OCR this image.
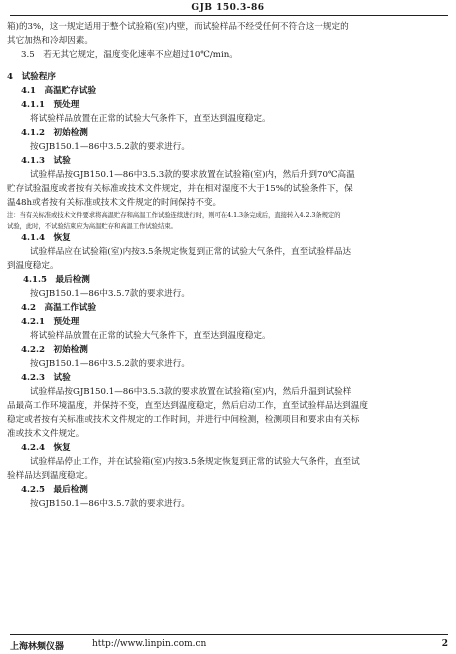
GJB 150.3-86
箱)的3%，这一规定适用于整个试验箱(室)内壁，而试验样品不经受任何不符合这一规定的
其它加热和冷却因素。
3.5　若无其它规定，温度变化速率不应超过10℃/min。
4　试验程序
4.1　高温贮存试验
4.1.1　预处理
将试验样品放置在正常的试验大气条件下，直至达到温度稳定。
4.1.2　初始检测
按GJB150.1—86中3.5.2款的要求进行。
4.1.3　试验
试验样品按GJB150.1—86中3.5.3款的要求放置在试验箱(室)内，然后升到70℃高温
贮存试验温度或者按有关标准或技术文件规定，并在相对湿度不大于15%的试验条件下，保
温48h或者按有关标准或技术文件规定的时间保持不变。
注：当有关标准或技术文件要求将高温贮存和高温工作试验连续进行时，则可在4.1.3条完成后，直接转入4.2.3条规定的
试验，此时，不试验结束应为高温贮存和高温工作试验结束。
4.1.4　恢复
试验样品应在试验箱(室)内按3.5条规定恢复到正常的试验大气条件，直至试验样品达
到温度稳定。
4.1.5　最后检测
按GJB150.1—86中3.5.7款的要求进行。
4.2　高温工作试验
4.2.1　预处理
将试验样品放置在正常的试验大气条件下，直至达到温度稳定。
4.2.2　初始检测
按GJB150.1—86中3.5.2款的要求进行。
4.2.3　试验
试验样品按GJB150.1—86中3.5.3款的要求放置在试验箱(室)内，然后升温到试验样
品最高工作环境温度，并保持不变，直至达到温度稳定，然后启动工作，直至试验样品达到温度
稳定或者按有关标准或技术文件规定的工作时间，并进行中间检测，检测项目和要求由有关标
准或技术文件规定。
4.2.4　恢复
试验样品停止工作，并在试验箱(室)内按3.5条规定恢复到正常的试验大气条件，直至试
验样品达到温度稳定。
4.2.5　最后检测
按GJB150.1—86中3.5.7款的要求进行。
上海林频仪器	http://www.linpin.com.cn	2
